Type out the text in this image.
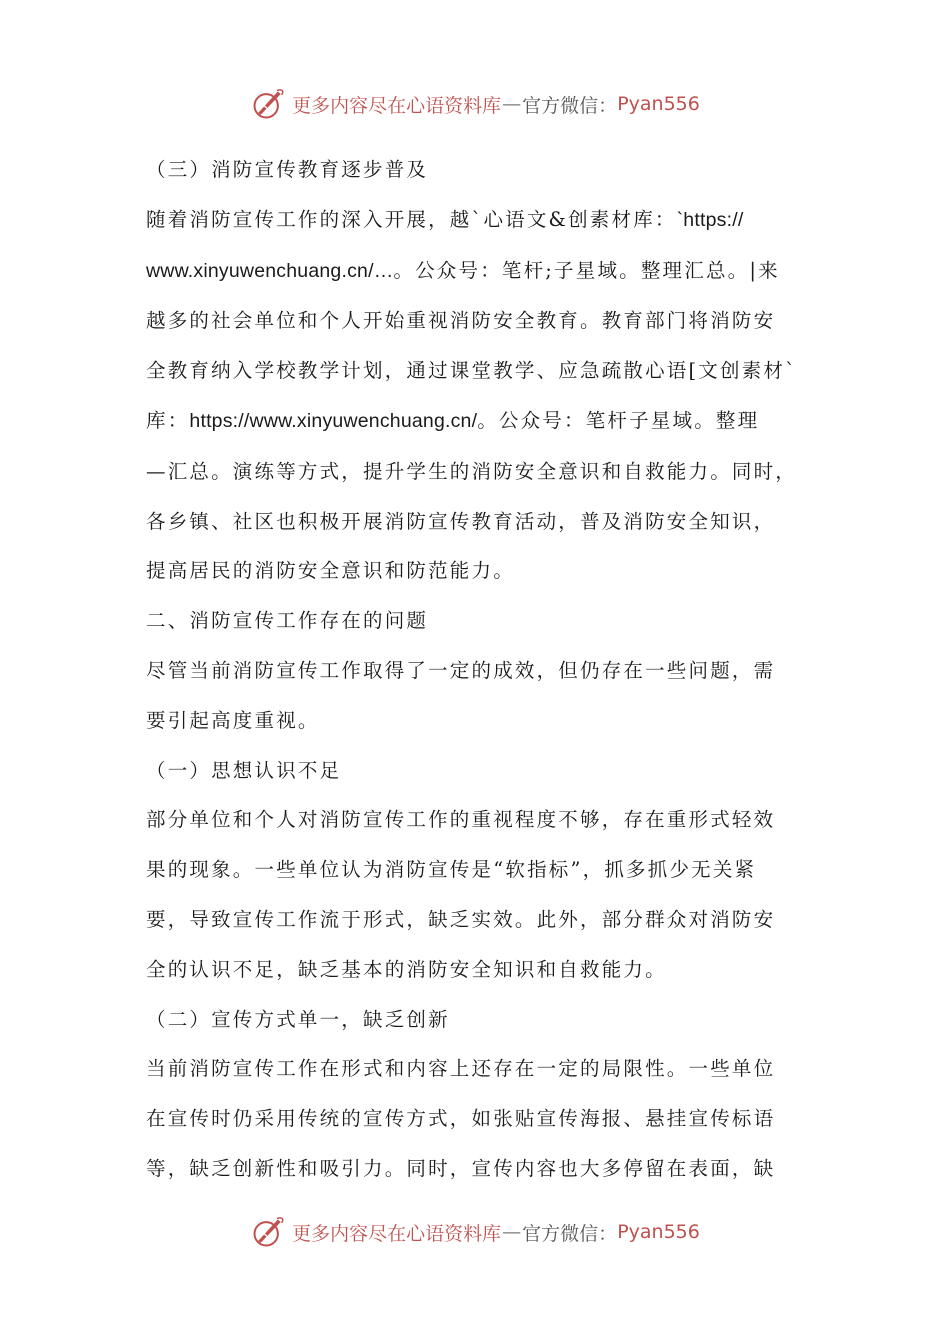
更多内容尽在心语资料库 — 官方微信： Pyan556

（三）消防宣传教育逐步普及

随着消防宣传工作的深入开展，越`心语文&创素材库：`https://

www.xinyuwenchuang.cn/…。公众号：笔杆;子星域。整理汇总。|来

越多的社会单位和个人开始重视消防安全教育。教育部门将消防安

全教育纳入学校教学计划，通过课堂教学、应急疏散心语[文创素材`

库：https://www.xinyuwenchuang.cn/。公众号：笔杆子星域。整理

—汇总。演练等方式，提升学生的消防安全意识和自救能力。同时，

各乡镇、社区也积极开展消防宣传教育活动，普及消防安全知识，

提高居民的消防安全意识和防范能力。

二、消防宣传工作存在的问题

尽管当前消防宣传工作取得了一定的成效，但仍存在一些问题，需

要引起高度重视。

（一）思想认识不足

部分单位和个人对消防宣传工作的重视程度不够，存在重形式轻效

果的现象。一些单位认为消防宣传是“软指标”，抓多抓少无关紧

要，导致宣传工作流于形式，缺乏实效。此外，部分群众对消防安

全的认识不足，缺乏基本的消防安全知识和自救能力。

（二）宣传方式单一，缺乏创新

当前消防宣传工作在形式和内容上还存在一定的局限性。一些单位

在宣传时仍采用传统的宣传方式，如张贴宣传海报、悬挂宣传标语

等，缺乏创新性和吸引力。同时，宣传内容也大多停留在表面，缺

更多内容尽在心语资料库 — 官方微信： Pyan556
